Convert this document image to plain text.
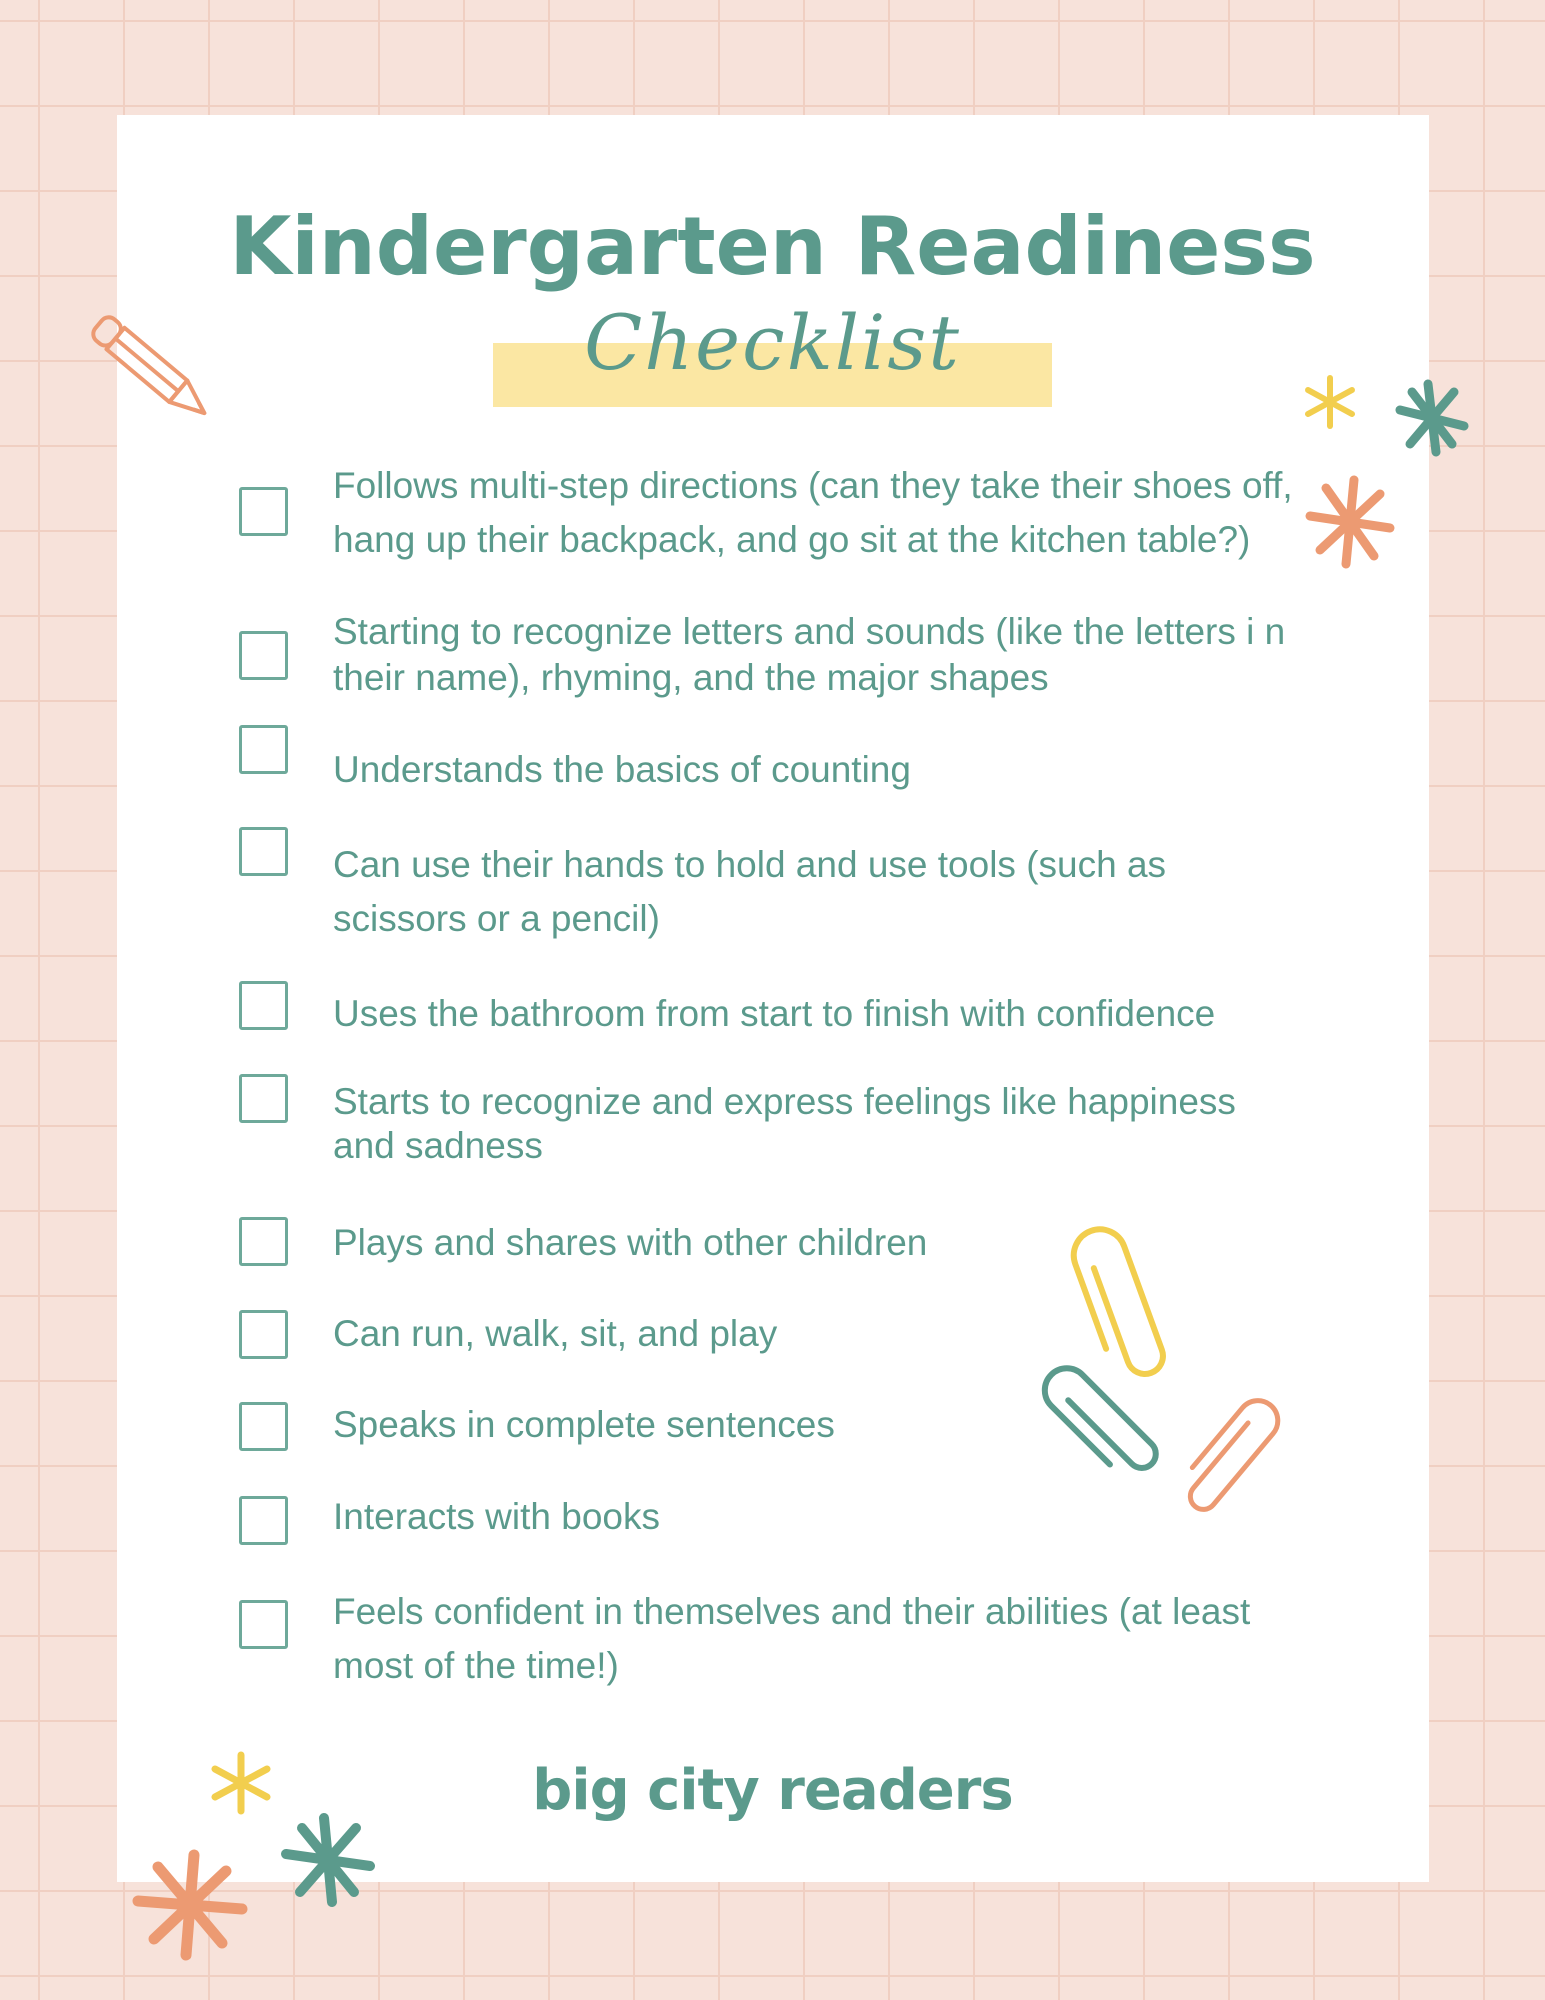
Kindergarten Readiness
Checklist
Follows multi-step directions (can they take their shoes off, hang up their backpack, and go sit at the kitchen table?)
Starting to recognize letters and sounds (like the letters i n their name), rhyming, and the major shapes
Understands the basics of counting
Can use their hands to hold and use tools (such as scissors or a pencil)
Uses the bathroom from start to finish with confidence
Starts to recognize and express feelings like happiness and sadness
Plays and shares with other children
Can run, walk, sit, and play
Speaks in complete sentences
Interacts with books
Feels confident in themselves and their abilities (at least most of the time!)
big city readers
